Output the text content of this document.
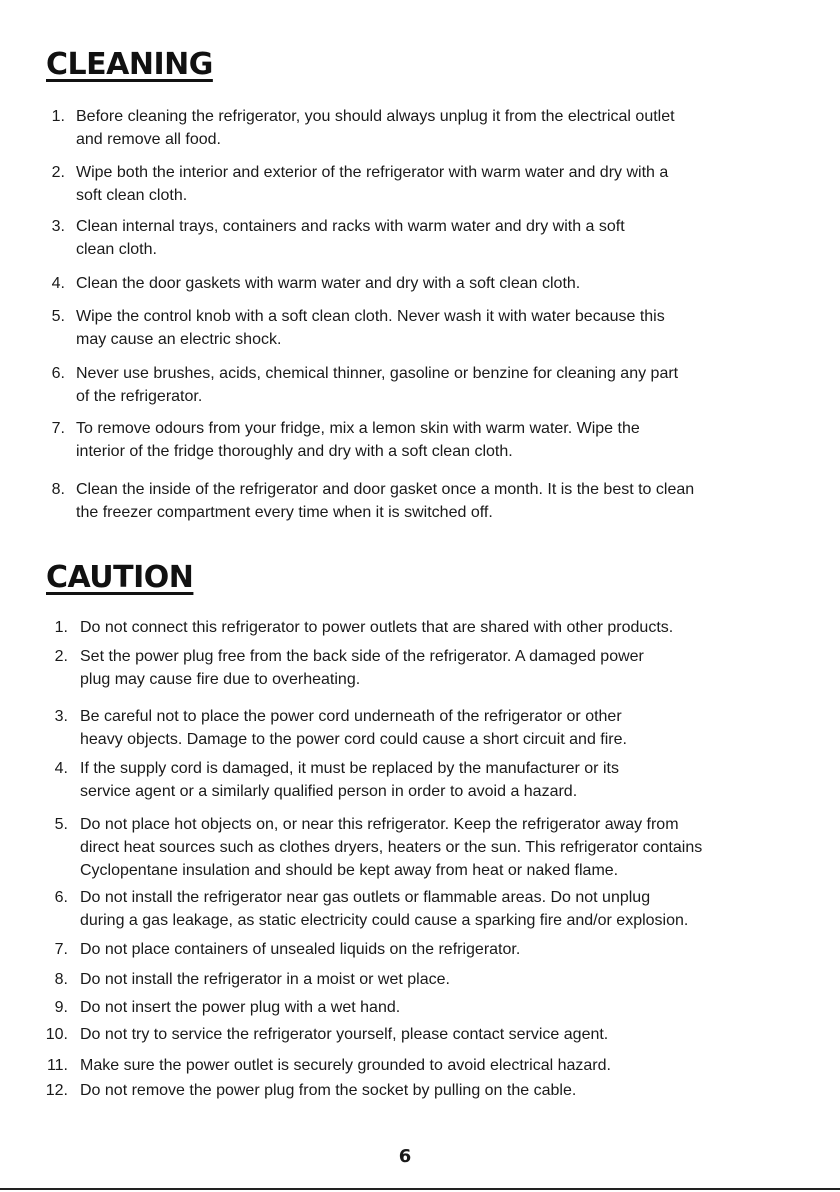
CLEANING
1. Before cleaning the refrigerator, you should always unplug it from the electrical outlet
and remove all food.
2. Wipe both the interior and exterior of the refrigerator with warm water and dry with a
soft clean cloth.
3. Clean internal trays, containers and racks with warm water and dry with a soft
clean cloth.
4. Clean the door gaskets with warm water and dry with a soft clean cloth.
5. Wipe the control knob with a soft clean cloth. Never wash it with water because this
may cause an electric shock.
6. Never use brushes, acids, chemical thinner, gasoline or benzine for cleaning any part
of the refrigerator.
7. To remove odours from your fridge, mix a lemon skin with warm water. Wipe the
interior of the fridge thoroughly and dry with a soft clean cloth.
8. Clean the inside of the refrigerator and door gasket once a month. It is the best to clean
the freezer compartment every time when it is switched off.
CAUTION
1. Do not connect this refrigerator to power outlets that are shared with other products.
2. Set the power plug free from the back side of the refrigerator. A damaged power
plug may cause fire due to overheating.
3. Be careful not to place the power cord underneath of the refrigerator or other
heavy objects. Damage to the power cord could cause a short circuit and fire.
4. If the supply cord is damaged, it must be replaced by the manufacturer or its
service agent or a similarly qualified person in order to avoid a hazard.
5. Do not place hot objects on, or near this refrigerator. Keep the refrigerator away from
direct heat sources such as clothes dryers, heaters or the sun. This refrigerator contains
Cyclopentane insulation and should be kept away from heat or naked flame.
6. Do not install the refrigerator near gas outlets or flammable areas. Do not unplug
during a gas leakage, as static electricity could cause a sparking fire and/or explosion.
7. Do not place containers of unsealed liquids on the refrigerator.
8. Do not install the refrigerator in a moist or wet place.
9. Do not insert the power plug with a wet hand.
10. Do not try to service the refrigerator yourself, please contact service agent.
11. Make sure the power outlet is securely grounded to avoid electrical hazard.
12. Do not remove the power plug from the socket by pulling on the cable.
6
